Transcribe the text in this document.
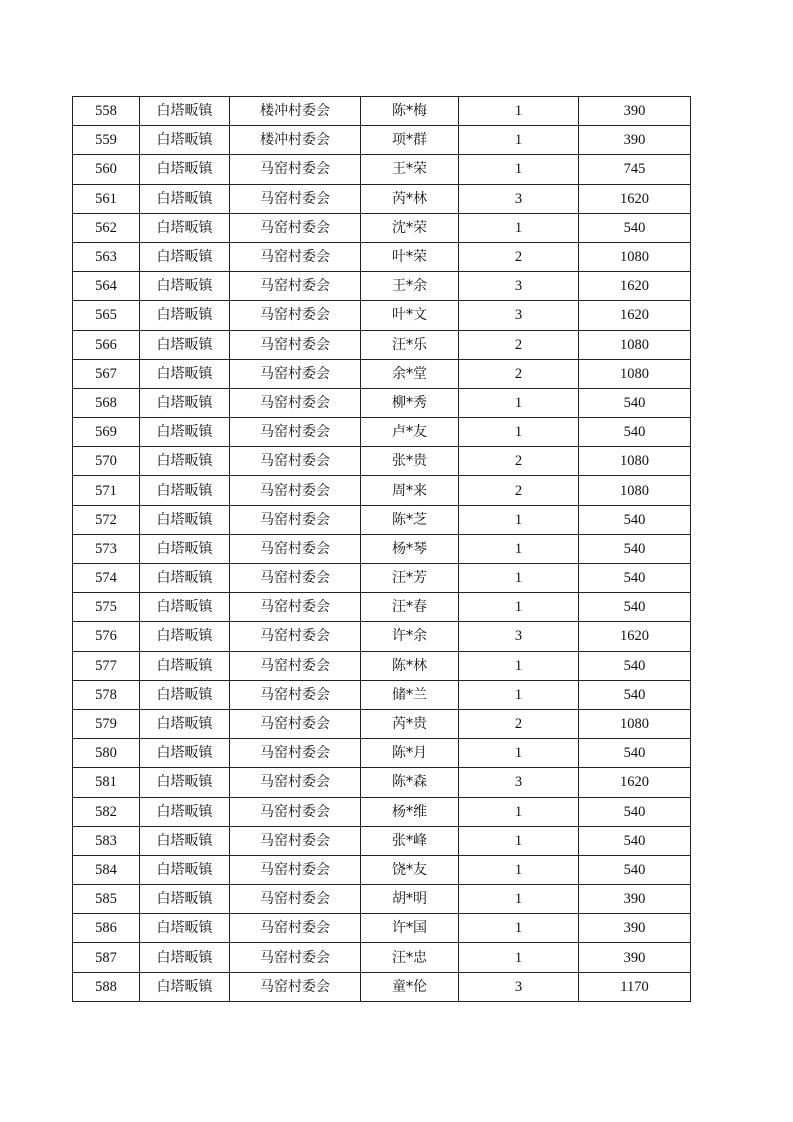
558	白塔畈镇	楼冲村委会	陈*梅	1	390
559	白塔畈镇	楼冲村委会	项*群	1	390
560	白塔畈镇	马窑村委会	王*荣	1	745
561	白塔畈镇	马窑村委会	芮*林	3	1620
562	白塔畈镇	马窑村委会	沈*荣	1	540
563	白塔畈镇	马窑村委会	叶*荣	2	1080
564	白塔畈镇	马窑村委会	王*余	3	1620
565	白塔畈镇	马窑村委会	叶*文	3	1620
566	白塔畈镇	马窑村委会	汪*乐	2	1080
567	白塔畈镇	马窑村委会	余*堂	2	1080
568	白塔畈镇	马窑村委会	柳*秀	1	540
569	白塔畈镇	马窑村委会	卢*友	1	540
570	白塔畈镇	马窑村委会	张*贵	2	1080
571	白塔畈镇	马窑村委会	周*来	2	1080
572	白塔畈镇	马窑村委会	陈*芝	1	540
573	白塔畈镇	马窑村委会	杨*琴	1	540
574	白塔畈镇	马窑村委会	汪*芳	1	540
575	白塔畈镇	马窑村委会	汪*春	1	540
576	白塔畈镇	马窑村委会	许*余	3	1620
577	白塔畈镇	马窑村委会	陈*林	1	540
578	白塔畈镇	马窑村委会	储*兰	1	540
579	白塔畈镇	马窑村委会	芮*贵	2	1080
580	白塔畈镇	马窑村委会	陈*月	1	540
581	白塔畈镇	马窑村委会	陈*森	3	1620
582	白塔畈镇	马窑村委会	杨*维	1	540
583	白塔畈镇	马窑村委会	张*峰	1	540
584	白塔畈镇	马窑村委会	饶*友	1	540
585	白塔畈镇	马窑村委会	胡*明	1	390
586	白塔畈镇	马窑村委会	许*国	1	390
587	白塔畈镇	马窑村委会	汪*忠	1	390
588	白塔畈镇	马窑村委会	童*伦	3	1170
